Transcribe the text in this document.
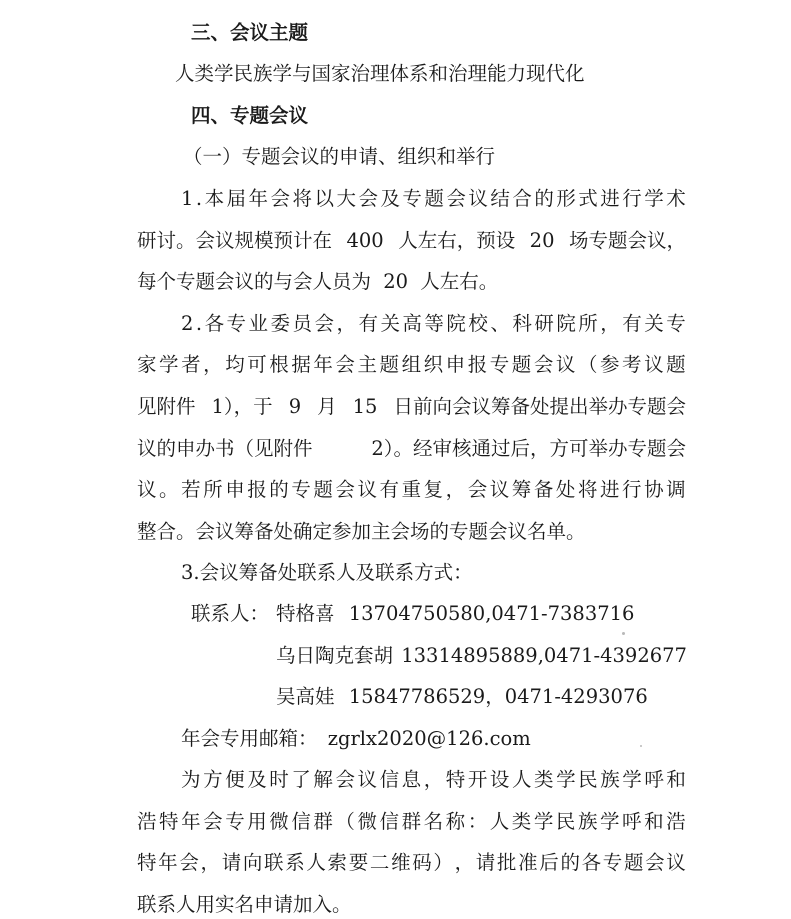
三、会议主题
人类学民族学与国家治理体系和治理能力现代化
四、专题会议
（一）专题会议的申请、组织和举行
1 . 本 届 年 会 将 以 大 会 及 专 题 会 议 结 合 的 形 式 进 行 学 术
研讨。会议规模预计在 400 人左右，预设 20 场专题会议，
每个专题会议的与会人员为 20 人左右。
2 . 各 专 业 委 员 会 ， 有 关 高 等 院 校 、 科 研 院 所 ， 有 关 专
家 学 者 ， 均 可 根 据 年 会 主 题 组 织 申 报 专 题 会 议 （ 参 考 议 题
见附件 1），于 9 月 15 日前向会议筹备处提出举办专题会
议的申办书（见附件	2）。经审核通过后，方可举办专题会
议 。 若 所 申 报 的 专 题 会 议 有 重 复 ， 会 议 筹 备 处 将 进 行 协 调
整合。会议筹备处确定参加主会场的专题会议名单。
3.会议筹备处联系人及联系方式：
联系人： 特格喜 13704750580,0471-7383716
乌日陶克套胡 13314895889,0471-4392677
吴高娃 15847786529，0471-4293076
年会专用邮箱： zgrlx2020@126.com
为 方 便 及 时 了 解 会 议 信 息 ， 特 开 设 人 类 学 民 族 学 呼 和
浩 特 年 会 专 用 微 信 群 （ 微 信 群 名 称 ： 人 类 学 民 族 学 呼 和 浩
特 年 会 ， 请 向 联 系 人 索 要 二 维 码 ） ， 请 批 准 后 的 各 专 题 会 议
联系人用实名申请加入。
